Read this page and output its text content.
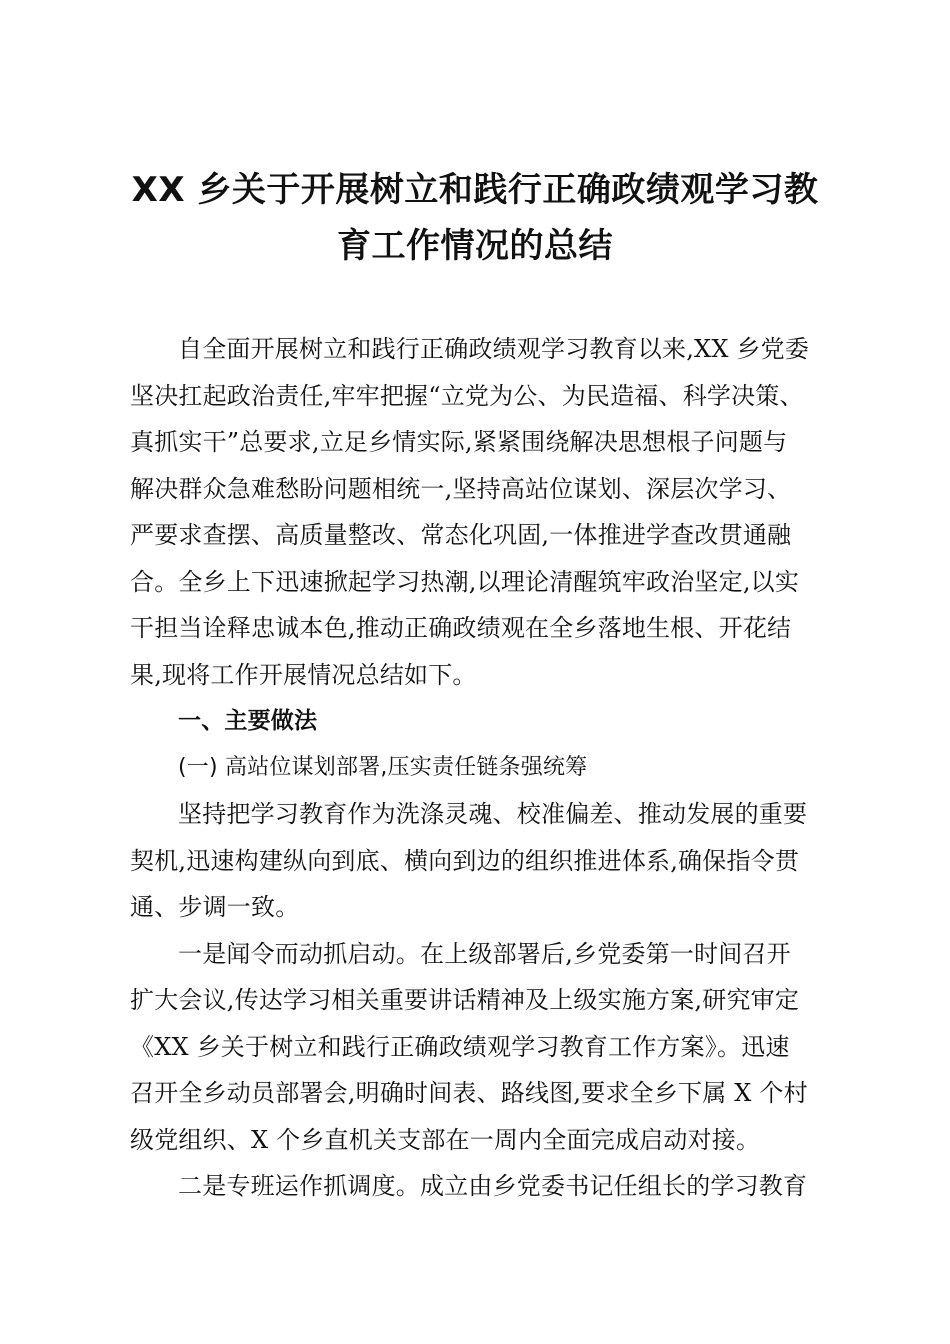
XX 乡关于开展树立和践行正确政绩观学习教
育工作情况的总结
自全面开展树立和践行正确政绩观学习教育以来,XX 乡党委
坚决扛起政治责任,牢牢把握“立党为公、为民造福、科学决策、
真抓实干”总要求,立足乡情实际,紧紧围绕解决思想根子问题与
解决群众急难愁盼问题相统一,坚持高站位谋划、深层次学习、
严要求查摆、高质量整改、常态化巩固,一体推进学查改贯通融
合。全乡上下迅速掀起学习热潮,以理论清醒筑牢政治坚定,以实
干担当诠释忠诚本色,推动正确政绩观在全乡落地生根、开花结
果,现将工作开展情况总结如下。
一、主要做法
(一) 高站位谋划部署,压实责任链条强统筹
坚持把学习教育作为洗涤灵魂、校准偏差、推动发展的重要
契机,迅速构建纵向到底、横向到边的组织推进体系,确保指令贯
通、步调一致。
一是闻令而动抓启动。在上级部署后,乡党委第一时间召开
扩大会议,传达学习相关重要讲话精神及上级实施方案,研究审定
《XX 乡关于树立和践行正确政绩观学习教育工作方案》。迅速
召开全乡动员部署会,明确时间表、路线图,要求全乡下属 X 个村
级党组织、X 个乡直机关支部在一周内全面完成启动对接。
二是专班运作抓调度。成立由乡党委书记任组长的学习教育
